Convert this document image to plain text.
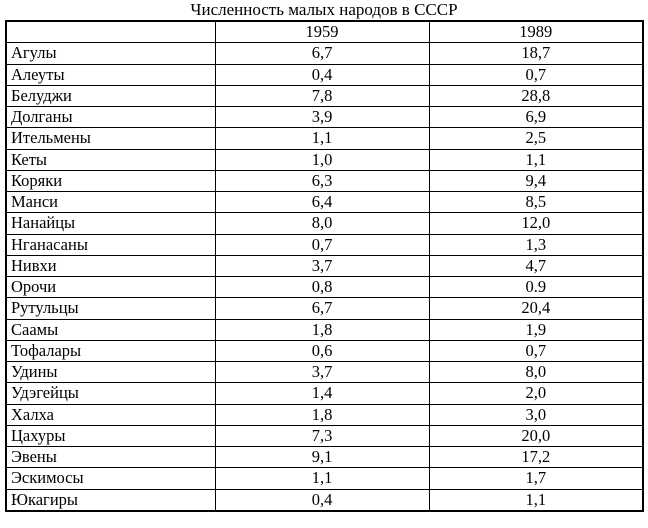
Численность малых народов в СССР
	1959	1989
Агулы	6,7	18,7
Алеуты	0,4	0,7
Белуджи	7,8	28,8
Долганы	3,9	6,9
Ительмены	1,1	2,5
Кеты	1,0	1,1
Коряки	6,3	9,4
Манси	6,4	8,5
Нанайцы	8,0	12,0
Нганасаны	0,7	1,3
Нивхи	3,7	4,7
Орочи	0,8	0.9
Рутульцы	6,7	20,4
Саамы	1,8	1,9
Тофалары	0,6	0,7
Удины	3,7	8,0
Удэгейцы	1,4	2,0
Халха	1,8	3,0
Цахуры	7,3	20,0
Эвены	9,1	17,2
Эскимосы	1,1	1,7
Юкагиры	0,4	1,1
